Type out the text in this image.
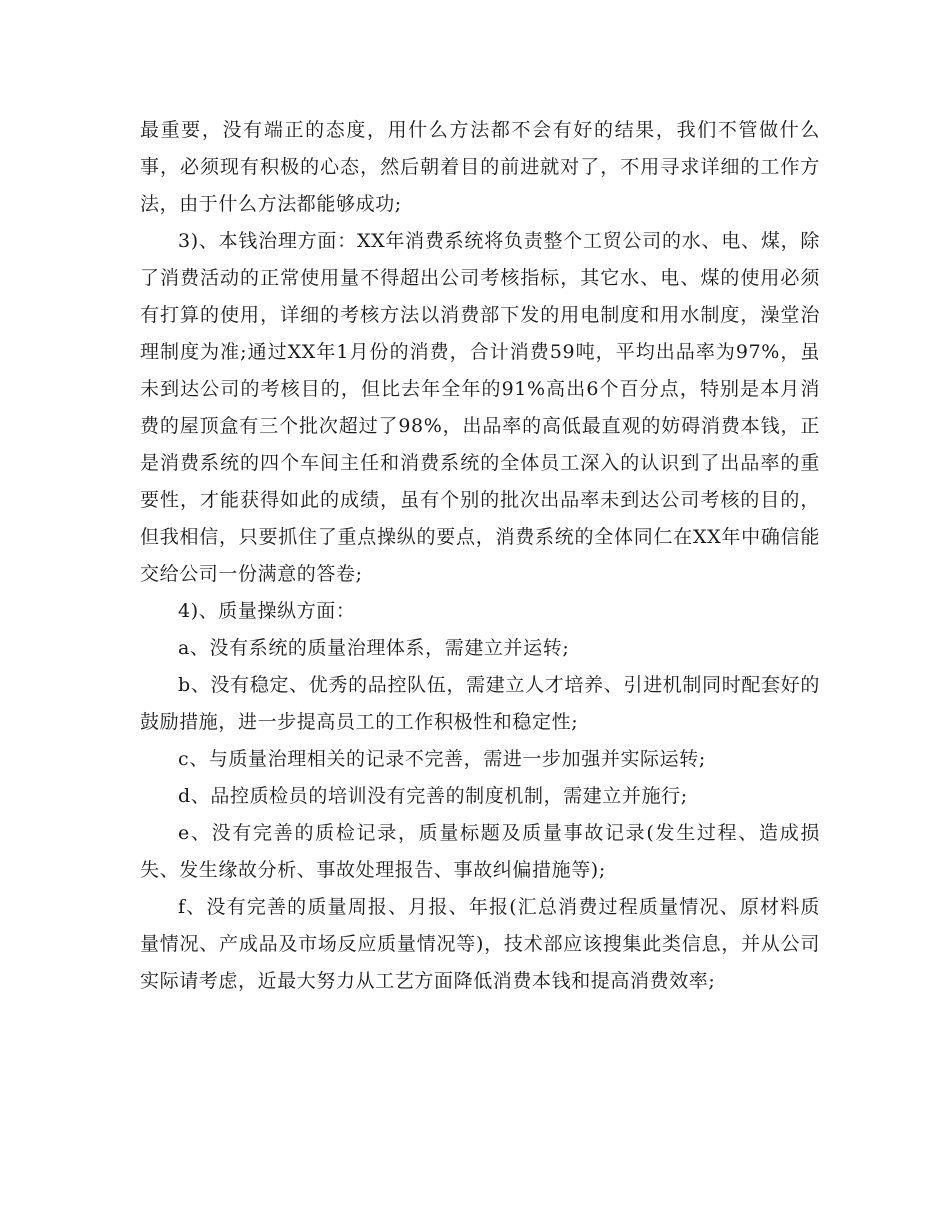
最重要，没有端正的态度，用什么方法都不会有好的结果，我们不管做什么事，必须现有积极的心态，然后朝着目的前进就对了，不用寻求详细的工作方法，由于什么方法都能够成功;

3)、本钱治理方面：XX年消费系统将负责整个工贸公司的水、电、煤，除了消费活动的正常使用量不得超出公司考核指标，其它水、电、煤的使用必须有打算的使用，详细的考核方法以消费部下发的用电制度和用水制度，澡堂治理制度为准;通过XX年1月份的消费，合计消费59吨，平均出品率为97%，虽未到达公司的考核目的，但比去年全年的91%高出6个百分点，特别是本月消费的屋顶盒有三个批次超过了98%，出品率的高低最直观的妨碍消费本钱，正是消费系统的四个车间主任和消费系统的全体员工深入的认识到了出品率的重要性，才能获得如此的成绩，虽有个别的批次出品率未到达公司考核的目的，但我相信，只要抓住了重点操纵的要点，消费系统的全体同仁在XX年中确信能交给公司一份满意的答卷;

4)、质量操纵方面：

a、没有系统的质量治理体系，需建立并运转;

b、没有稳定、优秀的品控队伍，需建立人才培养、引进机制同时配套好的鼓励措施，进一步提高员工的工作积极性和稳定性;

c、与质量治理相关的记录不完善，需进一步加强并实际运转;

d、品控质检员的培训没有完善的制度机制，需建立并施行;

e、没有完善的质检记录，质量标题及质量事故记录(发生过程、造成损失、发生缘故分析、事故处理报告、事故纠偏措施等);

f、没有完善的质量周报、月报、年报(汇总消费过程质量情况、原材料质量情况、产成品及市场反应质量情况等)，技术部应该搜集此类信息，并从公司实际请考虑，近最大努力从工艺方面降低消费本钱和提高消费效率;
